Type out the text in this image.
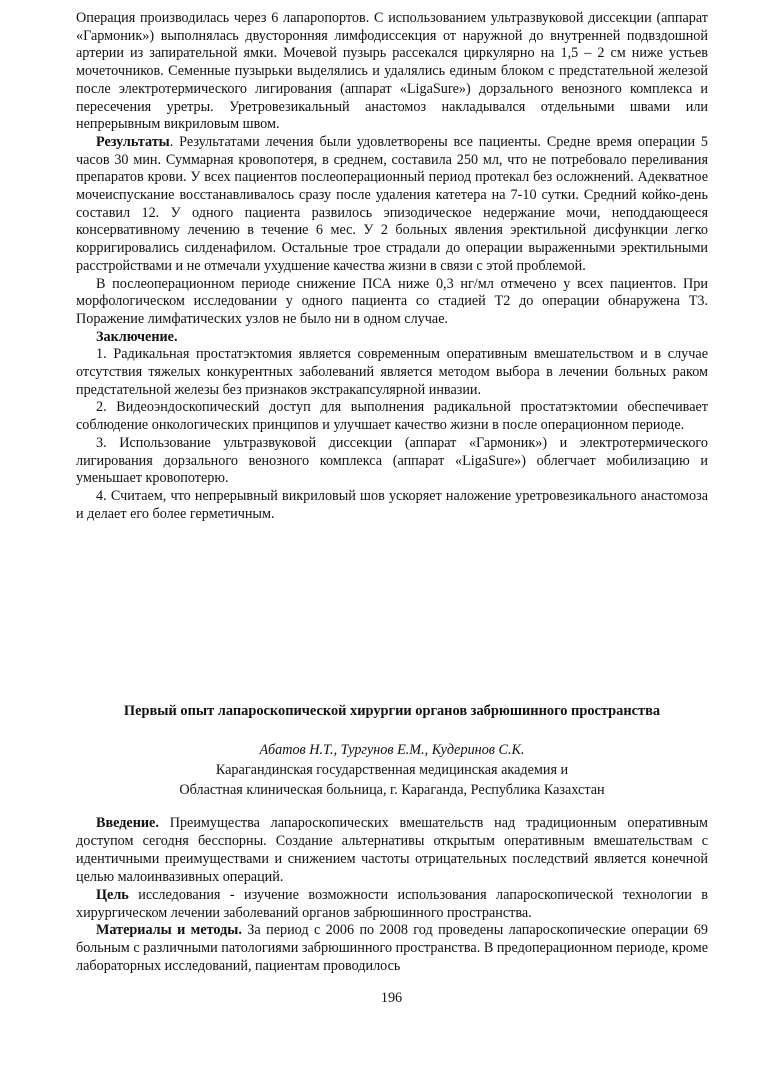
Операция производилась через 6 лапаропортов. С использованием ультразвуковой диссекции (аппарат «Гармоник») выполнялась двусторонняя лимфодиссекция от наружной до внутренней подвздошной артерии из запирательной ямки. Мочевой пузырь рассекался циркулярно на 1,5 – 2 см ниже устьев мочеточников. Семенные пузырьки выделялись и удалялись единым блоком с предстательной железой после электротермического лигирования (аппарат «LigaSure») дорзального венозного комплекса и пересечения уретры. Уретровезикальный анастомоз накладывался отдельными швами или непрерывным викриловым швом.

Результаты. Результатами лечения были удовлетворены все пациенты. Средне время операции 5 часов 30 мин. Суммарная кровопотеря, в среднем, составила 250 мл, что не потребовало переливания препаратов крови. У всех пациентов послеоперационный период протекал без осложнений. Адекватное мочеиспускание восстанавливалось сразу после удаления катетера на 7-10 сутки. Средний койко-день составил 12. У одного пациента развилось эпизодическое недержание мочи, неподдающееся консервативному лечению в течение 6 мес. У 2 больных явления эректильной дисфункции легко корригировались силденафилом. Остальные трое страдали до операции выраженными эректильными расстройствами и не отмечали ухудшение качества жизни в связи с этой проблемой.

В послеоперационном периоде снижение ПСА ниже 0,3 нг/мл отмечено у всех пациентов. При морфологическом исследовании у одного пациента со стадией Т2 до операции обнаружена Т3. Поражение лимфатических узлов не было ни в одном случае.

Заключение.

1. Радикальная простатэктомия является современным оперативным вмешательством и в случае отсутствия тяжелых конкурентных заболеваний является методом выбора в лечении больных раком предстательной железы без признаков экстракапсулярной инвазии.

2. Видеоэндоскопический доступ для выполнения радикальной простатэктомии обеспечивает соблюдение онкологических принципов и улучшает качество жизни в после операционном периоде.

3. Использование ультразвуковой диссекции (аппарат «Гармоник») и электротермического лигирования дорзального венозного комплекса (аппарат «LigaSure») облегчает мобилизацию и уменьшает кровопотерю.

4. Считаем, что непрерывный викриловый шов ускоряет наложение уретровезикального анастомоза и делает его более герметичным.

Первый опыт лапароскопической хирургии органов забрюшинного пространства
Абатов Н.Т., Тургунов Е.М., Кудеринов С.К.
Карагандинская государственная медицинская академия и
Областная клиническая больница, г. Караганда, Республика Казахстан

Введение. Преимущества лапароскопических вмешательств над традиционным оперативным доступом сегодня бесспорны. Создание альтернативы открытым оперативным вмешательствам с идентичными преимуществами и снижением частоты отрицательных последствий является конечной целью малоинвазивных операций.

Цель исследования - изучение возможности использования лапароскопической технологии в хирургическом лечении заболеваний органов забрюшинного пространства.

Материалы и методы. За период с 2006 по 2008 год проведены лапароскопические операции 69 больным с различными патологиями забрюшинного пространства. В предоперационном периоде, кроме лабораторных исследований, пациентам проводилось

196
